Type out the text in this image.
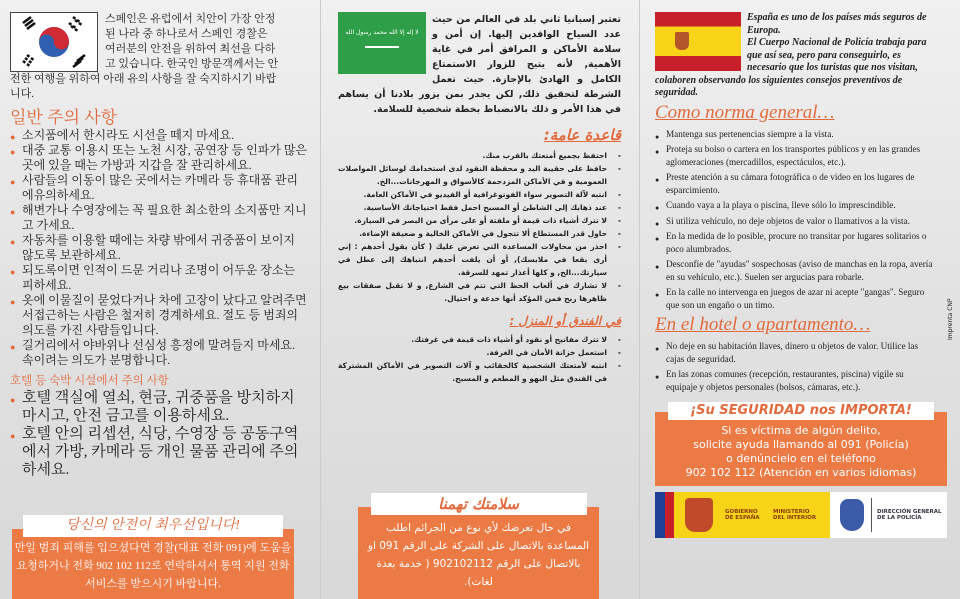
스페인은 유럽에서 치안이 가장 안정된 나라 중 하나로서 스페인 경찰은 여러분의 안전을 위하여 최선을 다하고 있습니다. 한국인 방문객께서는 안전한 여행을 위하여 아래 유의 사항을 잘 숙지하시기 바랍니다.
일반 주의 사항
● 소지품에서 한시라도 시선을 떼지 마세요.
● 대중 교통 이용시 또는 노천 시장, 공연장 등 인파가 많은 곳에 있을 때는 가방과 지갑을 잘 관리하세요.
● 사람들의 이동이 많은 곳에서는 카메라 등 휴대품 관리에유의하세요.
● 해변가나 수영장에는 꼭 필요한 최소한의 소지품만 지니고 가세요.
● 자동차를 이용할 때에는 차량 밖에서 귀중품이 보이지 않도록 보관하세요.
● 되도록이면 인적이 드문 거리나 조명이 어두운 장소는 피하세요.
● 옷에 이물질이 묻었다거나 차에 고장이 났다고 알려주면서접근하는 사람은 철저히 경계하세요. 절도 등 범죄의 의도를 가진 사람들입니다.
● 길거리에서 야바위나 선심성 흥정에 말려들지 마세요. 속이려는 의도가 분명합니다.
호텔 등 숙박 시설에서 주의 사항
● 호텔 객실에 열쇠, 현금, 귀중품을 방치하지 마시고, 안전 금고를 이용하세요.
● 호텔 안의 리셉션, 식당, 수영장 등 공동구역에서 가방, 카메라 등 개인 물품 관리에 주의하세요.
당신의 안전이 최우선입니다!
만일 범죄 피해를 입으셨다면 경찰(대표 전화 091)에 도움을 요청하거나 전화 902 102 112로 연락하셔서 통역 지원 전화 서비스를 받으시기 바랍니다.
لا إله إلا الله محمد رسول الله
تعتبر إسبانيا ثاني بلد في العالم من حيث عدد السياح الوافدين إليها. إن أمن و سلامة الأماكن و المرافق أمر في غاية الأهمية, لأنه يتيح للزوار الاستمتاع الكامل و الهادئ بالإجازة. حيث تعمل الشرطة لتحقيق ذلك, لكن يجدر بمن يزور بلادنا أن يساهم في هذا الأمر و ذلك بالانضباط بخطة شخصية للسلامة.
قاعدة عامة:
- احتفظ بجميع أمتعتك بالقرب منك.
- حافظ على حقيبة اليد و محفظة النقود لدى استخدامك لوسائل المواصلات العمومية و في الأماكن المزدحمة كالأسواق و المهرجانات...الخ.
- انتبه لآلة التصوير سواء الفوتوغرافية أو الفيديو في الأماكن العامة.
- عند ذهابك إلى الشاطئ أو المسبح احمل فقط احتياجاتك الأساسية.
- لا تترك أشياء ذات قيمة أو ملفتة أو على مرأى من البصر في السيارة.
- حاول قدر المستطاع ألا تتجول في الأماكن الخالية و ضعيفة الإضاءة.
- احذر من محاولات المساعدة التي تعرض عليك ( كأن يقول أحدهم : إني أرى بقعا في ملابسك), أو أن يلفت أحدهم انتباهك إلى عطل في سيارتك...الخ, و كلها أعذار تمهد للسرقة.
- لا تشارك في ألعاب الحظ التي تتم في الشارع, و لا تقبل صفقات بيع ظاهرها ربح فمن المؤكد أنها خدعة و احتيال.
في الفندق أو المنزل :
- لا تترك مفاتيح أو نقود أو أشياء ذات قيمة في غرفتك.
- استعمل خزانة الأمان في الغرفة.
- انتبه لأمتعتك الشخصية كالحقائب و آلات التصوير في الأماكن المشتركة في الفندق مثل البهو و المطعم و المسبح.
سلامتك تهمنا
في حال تعرضك لأي نوع من الجرائم اطلب المساعدة بالاتصال على الشركة على الرقم 091 او بالاتصال على الرقم 902102112 ( خدمة بعدة لغات).
España es uno de los países más seguros de Europa.
El Cuerpo Nacional de Policía trabaja para que así sea, pero para conseguirlo, es necesario que los turistas que nos visitan, colaboren observando los siguientes consejos preventivos de seguridad.
Como norma general…
● Mantenga sus pertenencias siempre a la vista.
● Proteja su bolso o cartera en los transportes públicos y en las grandes aglomeraciones (mercadillos, espectáculos, etc.).
● Preste atención a su cámara fotográfica o de video en los lugares de esparcimiento.
● Cuando vaya a la playa o piscina, lleve sólo lo imprescindible.
● Si utiliza vehículo, no deje objetos de valor o llamativos a la vista.
● En la medida de lo posible, procure no transitar por lugares solitarios o poco alumbrados.
● Desconfíe de "ayudas" sospechosas (aviso de manchas en la ropa, avería en su vehículo, etc.). Suelen ser argucias para robarle.
● En la calle no intervenga en juegos de azar ni acepte "gangas". Seguro que son un engaño o un timo.
En el hotel o apartamento…
● No deje en su habitación llaves, dinero u objetos de valor. Utilice las cajas de seguridad.
● En las zonas comunes (recepción, restaurantes, piscina) vigile su equipaje y objetos personales (bolsos, cámaras, etc.).
¡Su SEGURIDAD nos IMPORTA!
Si es víctima de algún delito,
solicite ayuda llamando al 091 (Policía)
o denúncielo en el teléfono
902 102 112 (Atención en varios idiomas)
GOBIERNO
DE ESPAÑA
MINISTERIO
DEL INTERIOR
DIRECCIÓN GENERAL
DE LA POLICÍA
Imprenta CNP
